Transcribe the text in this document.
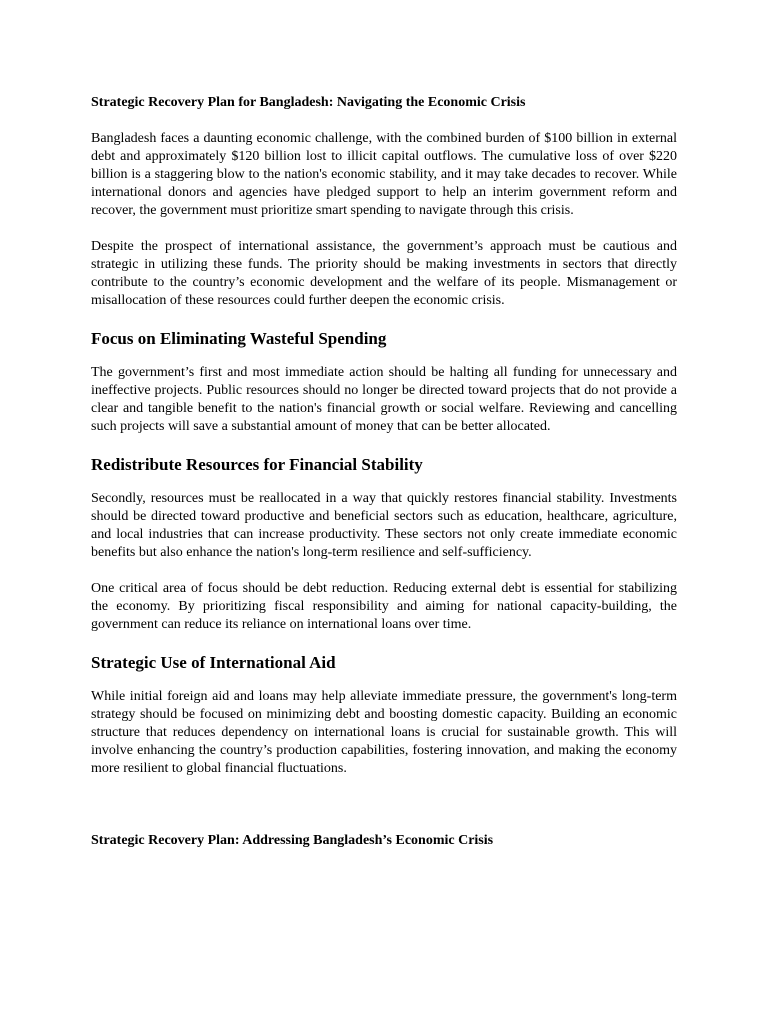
Strategic Recovery Plan for Bangladesh: Navigating the Economic Crisis

Bangladesh faces a daunting economic challenge, with the combined burden of $100 billion in external debt and approximately $120 billion lost to illicit capital outflows. The cumulative loss of over $220 billion is a staggering blow to the nation's economic stability, and it may take decades to recover. While international donors and agencies have pledged support to help an interim government reform and recover, the government must prioritize smart spending to navigate through this crisis.

Despite the prospect of international assistance, the government’s approach must be cautious and strategic in utilizing these funds. The priority should be making investments in sectors that directly contribute to the country’s economic development and the welfare of its people. Mismanagement or misallocation of these resources could further deepen the economic crisis.

Focus on Eliminating Wasteful Spending

The government’s first and most immediate action should be halting all funding for unnecessary and ineffective projects. Public resources should no longer be directed toward projects that do not provide a clear and tangible benefit to the nation's financial growth or social welfare. Reviewing and cancelling such projects will save a substantial amount of money that can be better allocated.

Redistribute Resources for Financial Stability

Secondly, resources must be reallocated in a way that quickly restores financial stability. Investments should be directed toward productive and beneficial sectors such as education, healthcare, agriculture, and local industries that can increase productivity. These sectors not only create immediate economic benefits but also enhance the nation's long-term resilience and self-sufficiency.

One critical area of focus should be debt reduction. Reducing external debt is essential for stabilizing the economy. By prioritizing fiscal responsibility and aiming for national capacity-building, the government can reduce its reliance on international loans over time.

Strategic Use of International Aid

While initial foreign aid and loans may help alleviate immediate pressure, the government's long-term strategy should be focused on minimizing debt and boosting domestic capacity. Building an economic structure that reduces dependency on international loans is crucial for sustainable growth. This will involve enhancing the country’s production capabilities, fostering innovation, and making the economy more resilient to global financial fluctuations.

Strategic Recovery Plan: Addressing Bangladesh’s Economic Crisis
